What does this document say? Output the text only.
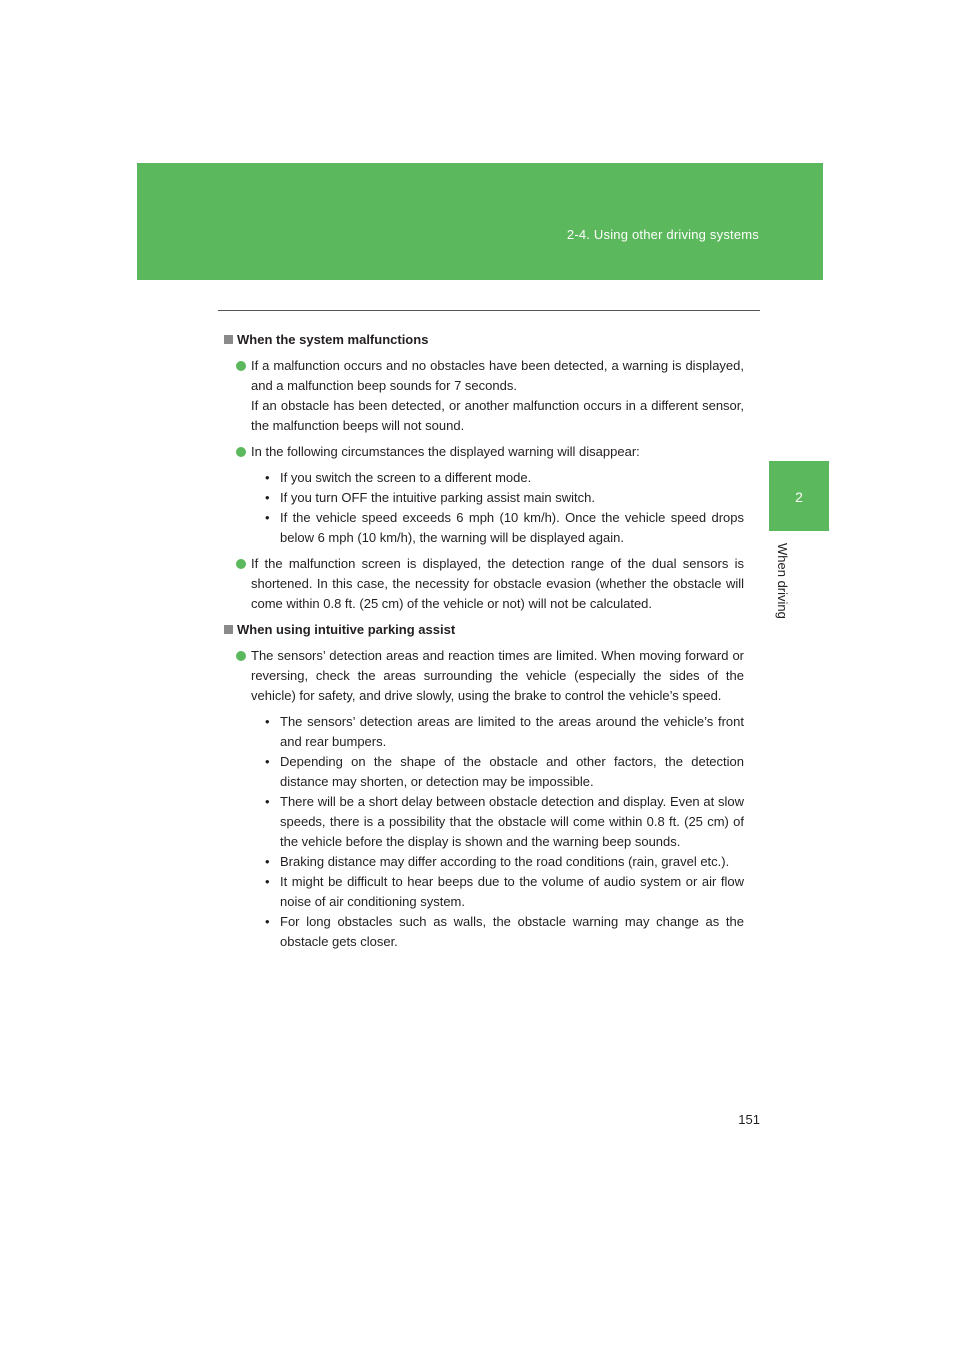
2-4. Using other driving systems
2
When driving
When the system malfunctions

If a malfunction occurs and no obstacles have been detected, a warning is displayed, and a malfunction beep sounds for 7 seconds.

If an obstacle has been detected, or another malfunction occurs in a different sensor, the malfunction beeps will not sound.

In the following circumstances the displayed warning will disappear:

• If you switch the screen to a different mode.
• If you turn OFF the intuitive parking assist main switch.
• If the vehicle speed exceeds 6 mph (10 km/h). Once the vehicle speed drops below 6 mph (10 km/h), the warning will be displayed again.

If the malfunction screen is displayed, the detection range of the dual sensors is shortened. In this case, the necessity for obstacle evasion (whether the obstacle will come within 0.8 ft. (25 cm) of the vehicle or not) will not be calculated.

When using intuitive parking assist

The sensors’ detection areas and reaction times are limited. When moving forward or reversing, check the areas surrounding the vehicle (especially the sides of the vehicle) for safety, and drive slowly, using the brake to control the vehicle’s speed.

• The sensors’ detection areas are limited to the areas around the vehicle’s front and rear bumpers.
• Depending on the shape of the obstacle and other factors, the detection distance may shorten, or detection may be impossible.
• There will be a short delay between obstacle detection and display. Even at slow speeds, there is a possibility that the obstacle will come within 0.8 ft. (25 cm) of the vehicle before the display is shown and the warning beep sounds.
• Braking distance may differ according to the road conditions (rain, gravel etc.).
• It might be difficult to hear beeps due to the volume of audio system or air flow noise of air conditioning system.
• For long obstacles such as walls, the obstacle warning may change as the obstacle gets closer.
151
